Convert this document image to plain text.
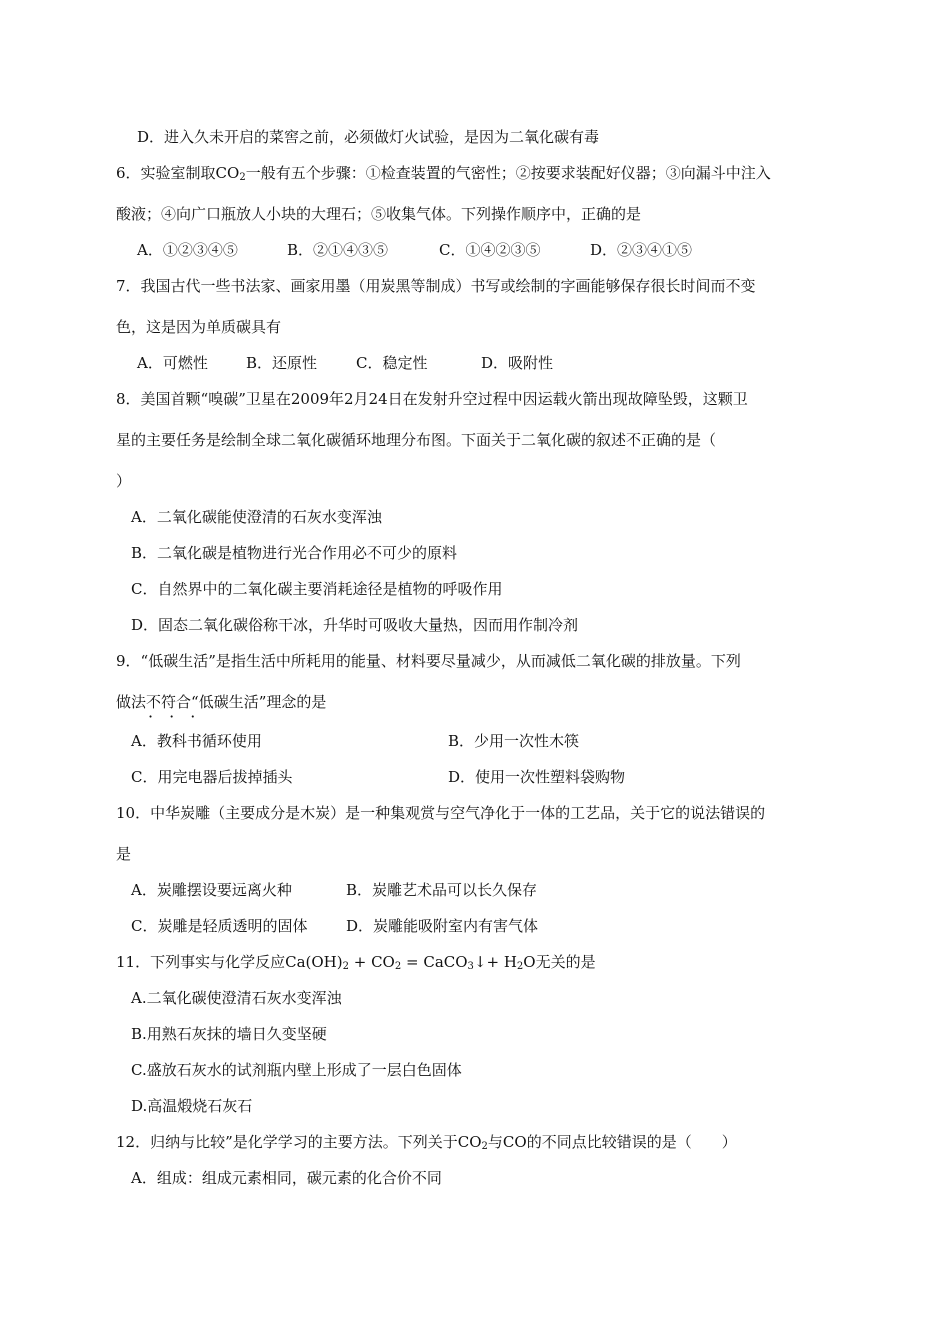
D．进入久未开启的菜窖之前，必须做灯火试验，是因为二氧化碳有毒
6．实验室制取$CO_2$一般有五个步骤：①检查装置的气密性；②按要求装配好仪器；③向漏斗中注入
酸液；④向广口瓶放人小块的大理石；⑤收集气体。下列操作顺序中，正确的是
A．①②③④⑤	B．②①④③⑤	C．①④②③⑤	D．②③④①⑤
7．我国古代一些书法家、画家用墨（用炭黑等制成）书写或绘制的字画能够保存很长时间而不变
色，这是因为单质碳具有
A．可燃性	B．还原性	C．稳定性	D．吸附性
8．美国首颗“嗅碳”卫星在2009年2月24日在发射升空过程中因运载火箭出现故障坠毁，这颗卫
星的主要任务是绘制全球二氧化碳循环地理分布图。下面关于二氧化碳的叙述不正确的是（
）
A．二氧化碳能使澄清的石灰水变浑浊
B．二氧化碳是植物进行光合作用必不可少的原料
C．自然界中的二氧化碳主要消耗途径是植物的呼吸作用
D．固态二氧化碳俗称干冰，升华时可吸收大量热，因而用作制冷剂
9．“低碳生活”是指生活中所耗用的能量、材料要尽量减少，从而减低二氧化碳的排放量。下列
做法不符合 · · ·“低碳生活”理念的是
A．教科书循环使用	B．少用一次性木筷
C．用完电器后拔掉插头	D．使用一次性塑料袋购物
10．中华炭雕（主要成分是木炭）是一种集观赏与空气净化于一体的工艺品，关于它的说法错误的
是
A．炭雕摆设要远离火种	B．炭雕艺术品可以长久保存
C．炭雕是轻质透明的固体	D．炭雕能吸附室内有害气体
11．下列事实与化学反应$Ca(OH)_2 + CO_2$ = CaCO$_3$↓+ $H_2O$无关的是
A.二氧化碳使澄清石灰水变浑浊
B.用熟石灰抹的墙日久变坚硬
C.盛放石灰水的试剂瓶内壁上形成了一层白色固体
D.高温煅烧石灰石
12．归纳与比较”是化学学习的主要方法。下列关于$CO_2$与CO的不同点比较错误的是（　　）
A．组成：组成元素相同，碳元素的化合价不同
